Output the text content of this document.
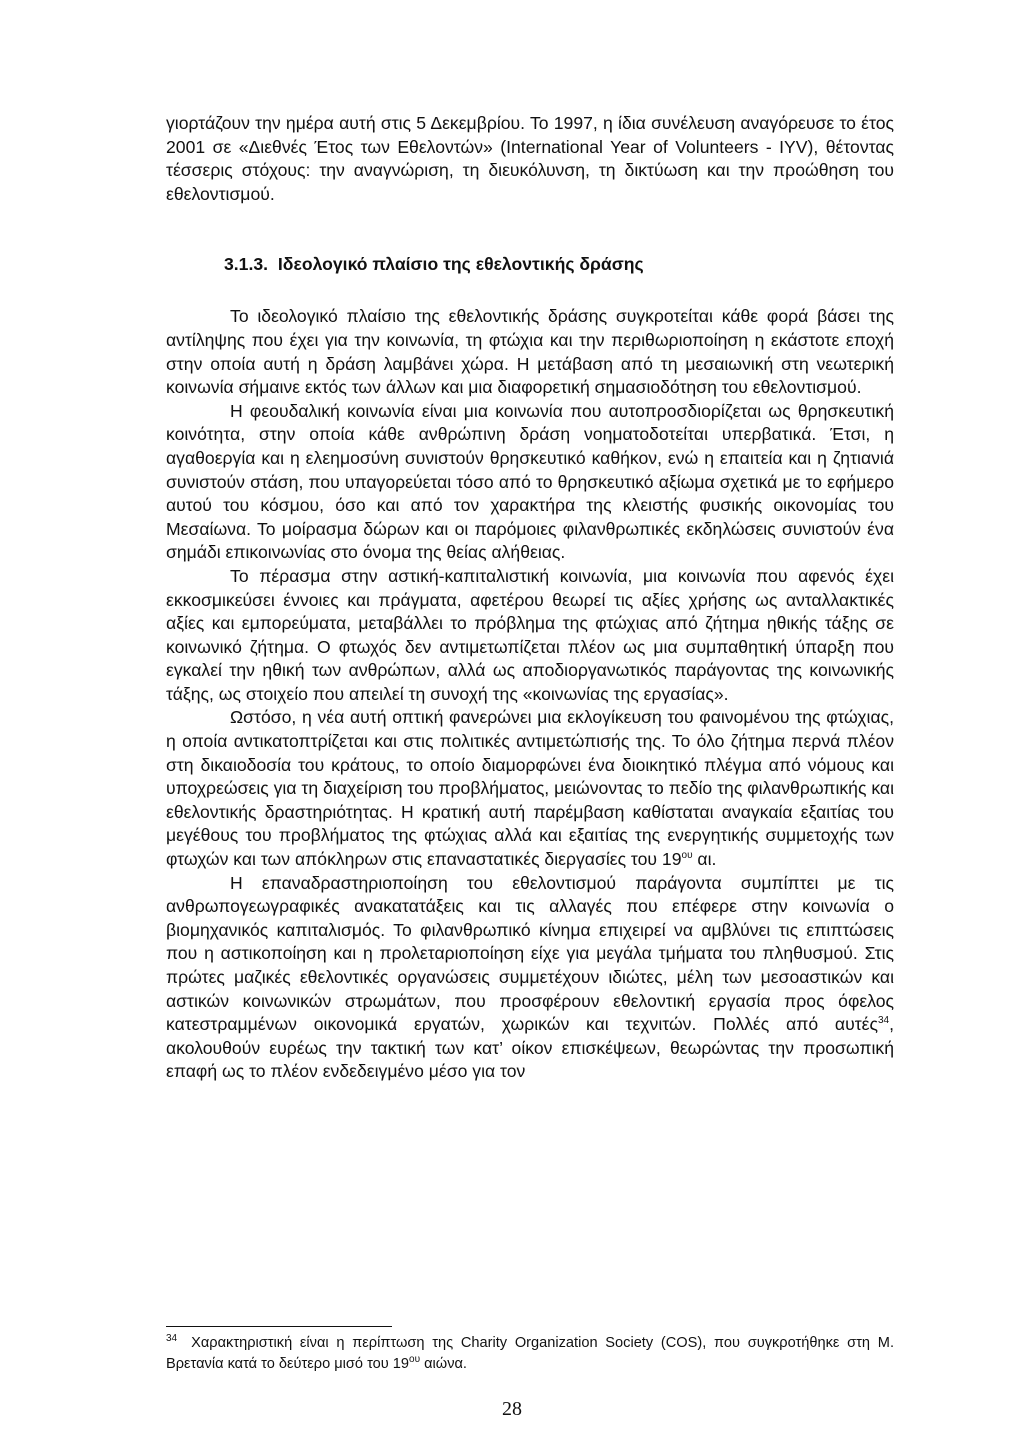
γιορτάζουν την ημέρα αυτή στις 5 Δεκεμβρίου. Το 1997, η ίδια συνέλευση αναγόρευσε το έτος 2001 σε «Διεθνές Έτος των Εθελοντών» (International Year of Volunteers - IYV), θέτοντας τέσσερις στόχους: την αναγνώριση, τη διευκόλυνση, τη δικτύωση και την προώθηση του εθελοντισμού.

3.1.3. Ιδεολογικό πλαίσιο της εθελοντικής δράσης

Το ιδεολογικό πλαίσιο της εθελοντικής δράσης συγκροτείται κάθε φορά βάσει της αντίληψης που έχει για την κοινωνία, τη φτώχια και την περιθωριοποίηση η εκάστοτε εποχή στην οποία αυτή η δράση λαμβάνει χώρα. Η μετάβαση από τη μεσαιωνική στη νεωτερική κοινωνία σήμαινε εκτός των άλλων και μια διαφορετική σημασιοδότηση του εθελοντισμού.

Η φεουδαλική κοινωνία είναι μια κοινωνία που αυτοπροσδιορίζεται ως θρησκευτική κοινότητα, στην οποία κάθε ανθρώπινη δράση νοηματοδοτείται υπερβατικά. Έτσι, η αγαθοεργία και η ελεημοσύνη συνιστούν θρησκευτικό καθήκον, ενώ η επαιτεία και η ζητιανιά συνιστούν στάση, που υπαγορεύεται τόσο από το θρησκευτικό αξίωμα σχετικά με το εφήμερο αυτού του κόσμου, όσο και από τον χαρακτήρα της κλειστής φυσικής οικονομίας του Μεσαίωνα. Το μοίρασμα δώρων και οι παρόμοιες φιλανθρωπικές εκδηλώσεις συνιστούν ένα σημάδι επικοινωνίας στο όνομα της θείας αλήθειας.

Το πέρασμα στην αστική-καπιταλιστική κοινωνία, μια κοινωνία που αφενός έχει εκκοσμικεύσει έννοιες και πράγματα, αφετέρου θεωρεί τις αξίες χρήσης ως ανταλλακτικές αξίες και εμπορεύματα, μεταβάλλει το πρόβλημα της φτώχιας από ζήτημα ηθικής τάξης σε κοινωνικό ζήτημα. Ο φτωχός δεν αντιμετωπίζεται πλέον ως μια συμπαθητική ύπαρξη που εγκαλεί την ηθική των ανθρώπων, αλλά ως αποδιοργανωτικός παράγοντας της κοινωνικής τάξης, ως στοιχείο που απειλεί τη συνοχή της «κοινωνίας της εργασίας».

Ωστόσο, η νέα αυτή οπτική φανερώνει μια εκλογίκευση του φαινομένου της φτώχιας, η οποία αντικατοπτρίζεται και στις πολιτικές αντιμετώπισής της. Το όλο ζήτημα περνά πλέον στη δικαιοδοσία του κράτους, το οποίο διαμορφώνει ένα διοικητικό πλέγμα από νόμους και υποχρεώσεις για τη διαχείριση του προβλήματος, μειώνοντας το πεδίο της φιλανθρωπικής και εθελοντικής δραστηριότητας. Η κρατική αυτή παρέμβαση καθίσταται αναγκαία εξαιτίας του μεγέθους του προβλήματος της φτώχιας αλλά και εξαιτίας της ενεργητικής συμμετοχής των φτωχών και των απόκληρων στις επαναστατικές διεργασίες του $19^{o\upsilon}$ αι.

Η επαναδραστηριοποίηση του εθελοντισμού παράγοντα συμπίπτει με τις ανθρωπογεωγραφικές ανακατατάξεις και τις αλλαγές που επέφερε στην κοινωνία ο βιομηχανικός καπιταλισμός. Το φιλανθρωπικό κίνημα επιχειρεί να αμβλύνει τις επιπτώσεις που η αστικοποίηση και η προλεταριοποίηση είχε για μεγάλα τμήματα του πληθυσμού. Στις πρώτες μαζικές εθελοντικές οργανώσεις συμμετέχουν ιδιώτες, μέλη των μεσοαστικών και αστικών κοινωνικών στρωμάτων, που προσφέρουν εθελοντική εργασία προς όφελος κατεστραμμένων οικονομικά εργατών, χωρικών και τεχνιτών. Πολλές από αυτές$^{34}$, ακολουθούν ευρέως την τακτική των κατ’ οίκον επισκέψεων, θεωρώντας την προσωπική επαφή ως το πλέον ενδεδειγμένο μέσο για τον

$^{34}$ Χαρακτηριστική είναι η περίπτωση της Charity Organization Society (COS), που συγκροτήθηκε στη Μ. Βρετανία κατά το δεύτερο μισό του $19^{o\upsilon}$ αιώνα.
28
